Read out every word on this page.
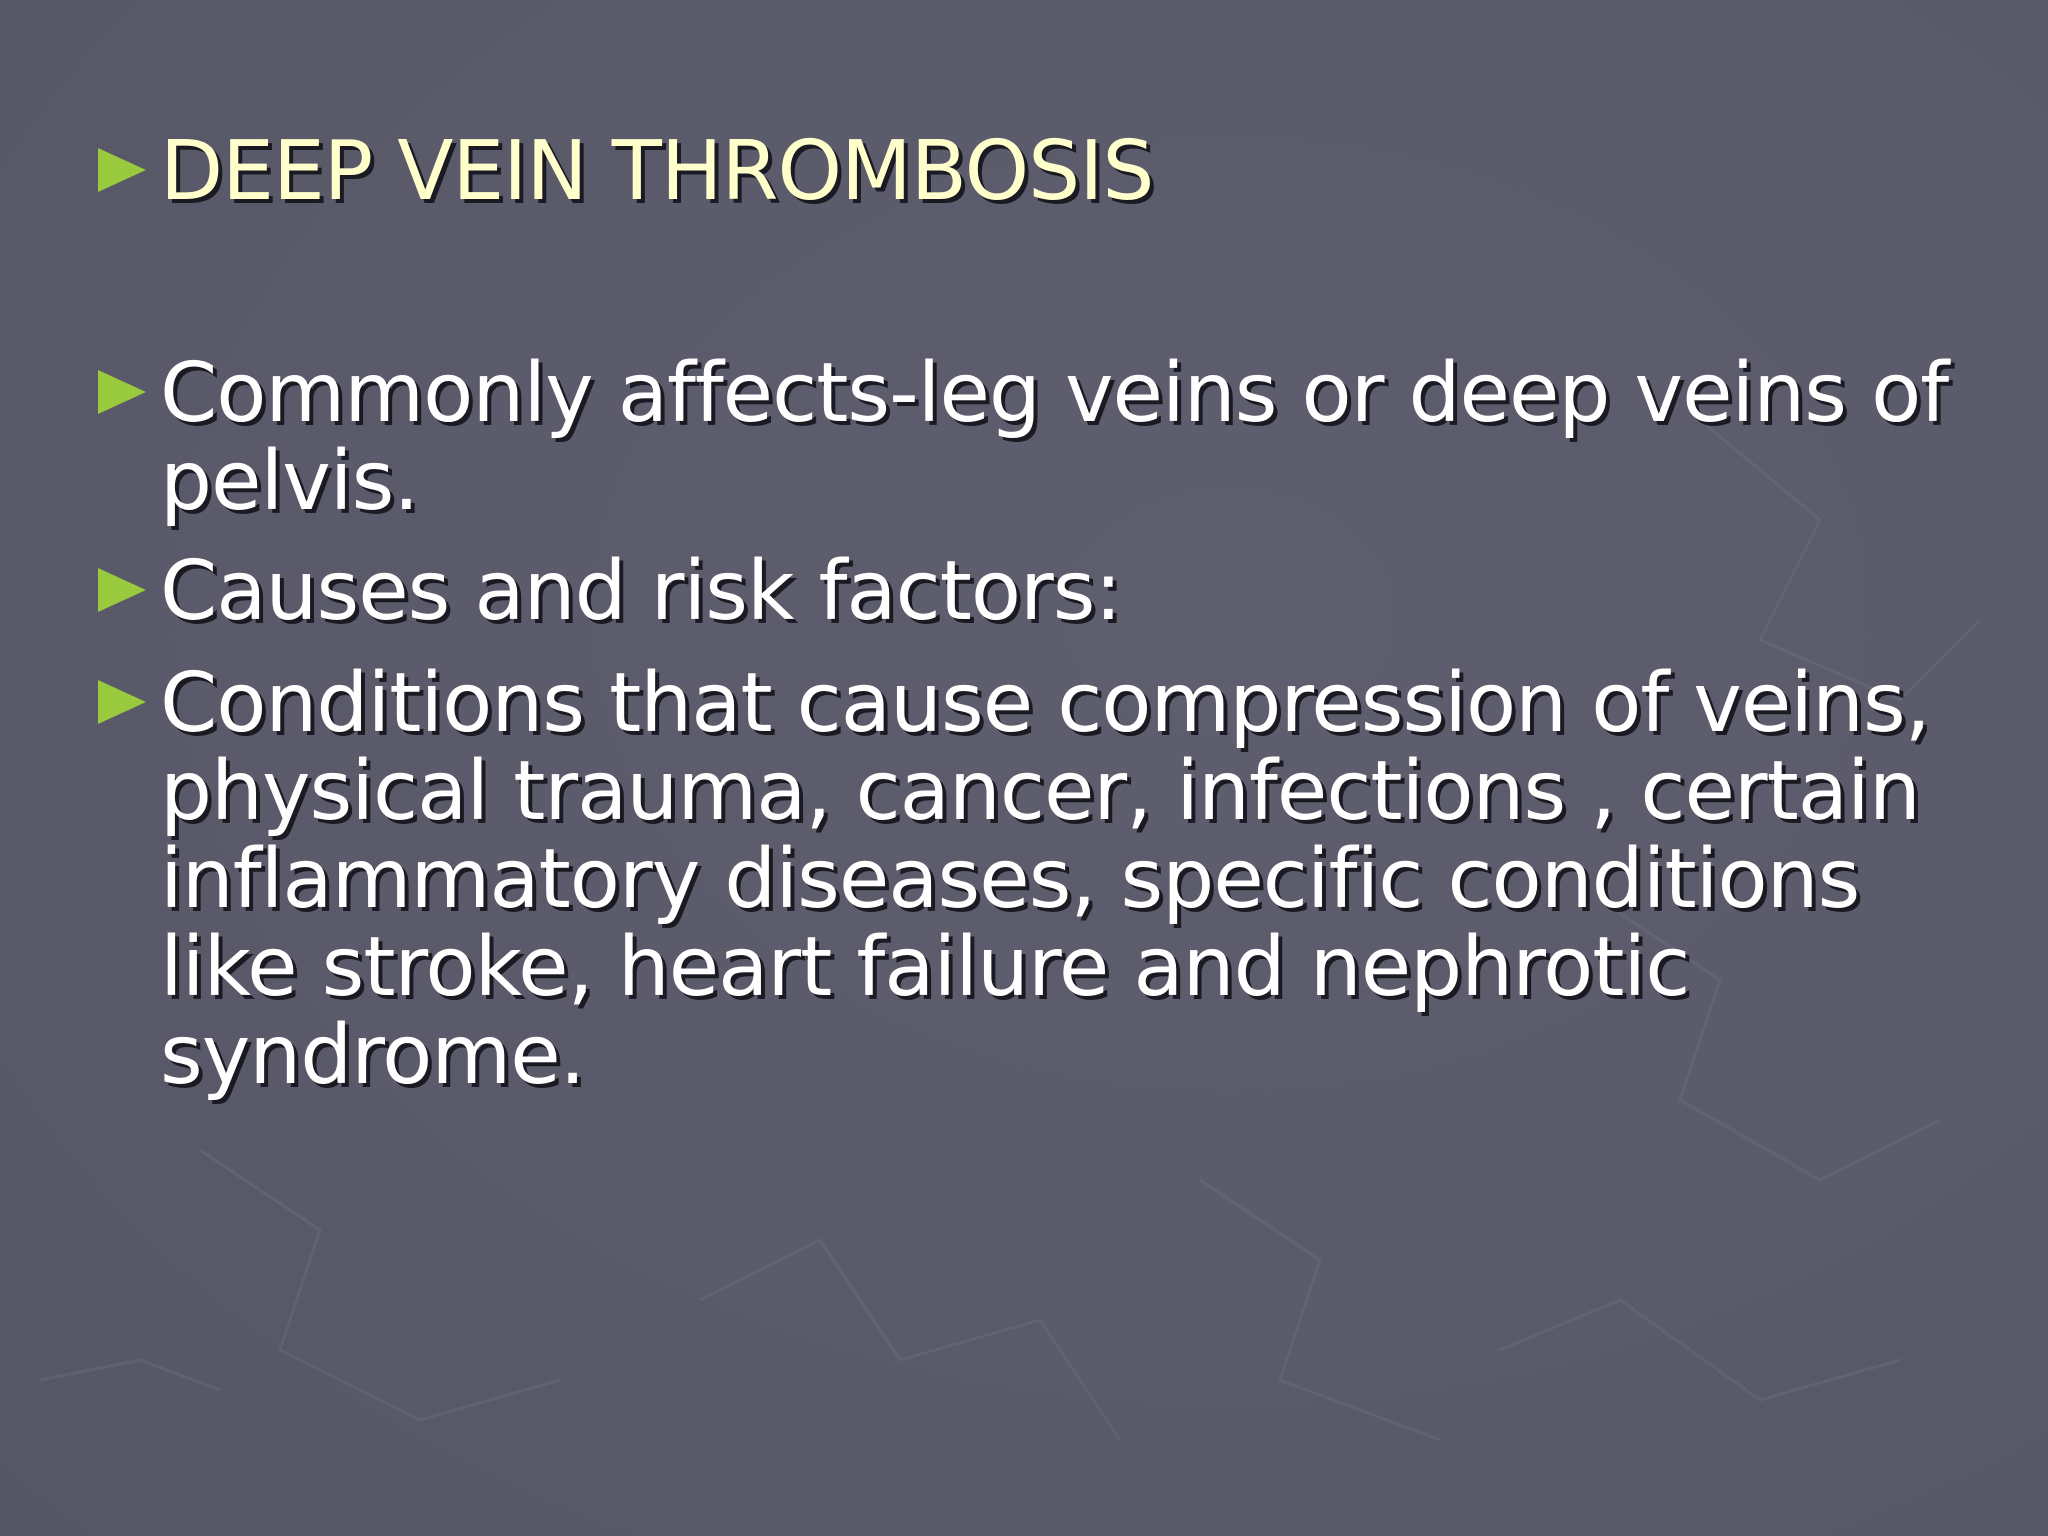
DEEP VEIN THROMBOSIS
Commonly affects-leg veins or deep veins of
pelvis.
Causes and risk factors:
Conditions that cause compression of veins,
physical trauma, cancer, infections , certain
inflammatory diseases, specific conditions
like stroke, heart failure and nephrotic
syndrome.
